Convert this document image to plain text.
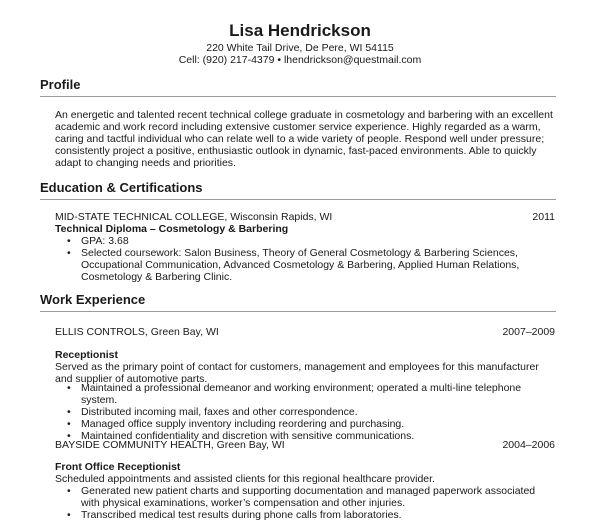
Lisa Hendrickson
220 White Tail Drive, De Pere, WI 54115
Cell: (920) 217-4379 • lhendrickson@questmail.com
Profile
An energetic and talented recent technical college graduate in cosmetology and barbering with an excellent academic and work record including extensive customer service experience. Highly regarded as a warm, caring and tactful individual who can relate well to a wide variety of people. Respond well under pressure; consistently project a positive, enthusiastic outlook in dynamic, fast-paced environments. Able to quickly adapt to changing needs and priorities.
Education & Certifications
MID-STATE TECHNICAL COLLEGE, Wisconsin Rapids, WI	2011
Technical Diploma – Cosmetology & Barbering
• GPA: 3.68
• Selected coursework: Salon Business, Theory of General Cosmetology & Barbering Sciences, Occupational Communication, Advanced Cosmetology & Barbering, Applied Human Relations, Cosmetology & Barbering Clinic.
Work Experience
ELLIS CONTROLS, Green Bay, WI	2007–2009
Receptionist
Served as the primary point of contact for customers, management and employees for this manufacturer and supplier of automotive parts.
• Maintained a professional demeanor and working environment; operated a multi-line telephone system.
• Distributed incoming mail, faxes and other correspondence.
• Managed office supply inventory including reordering and purchasing.
• Maintained confidentiality and discretion with sensitive communications.
BAYSIDE COMMUNITY HEALTH, Green Bay, WI	2004–2006
Front Office Receptionist
Scheduled appointments and assisted clients for this regional healthcare provider.
• Generated new patient charts and supporting documentation and managed paperwork associated with physical examinations, worker’s compensation and other injuries.
• Transcribed medical test results during phone calls from laboratories.
